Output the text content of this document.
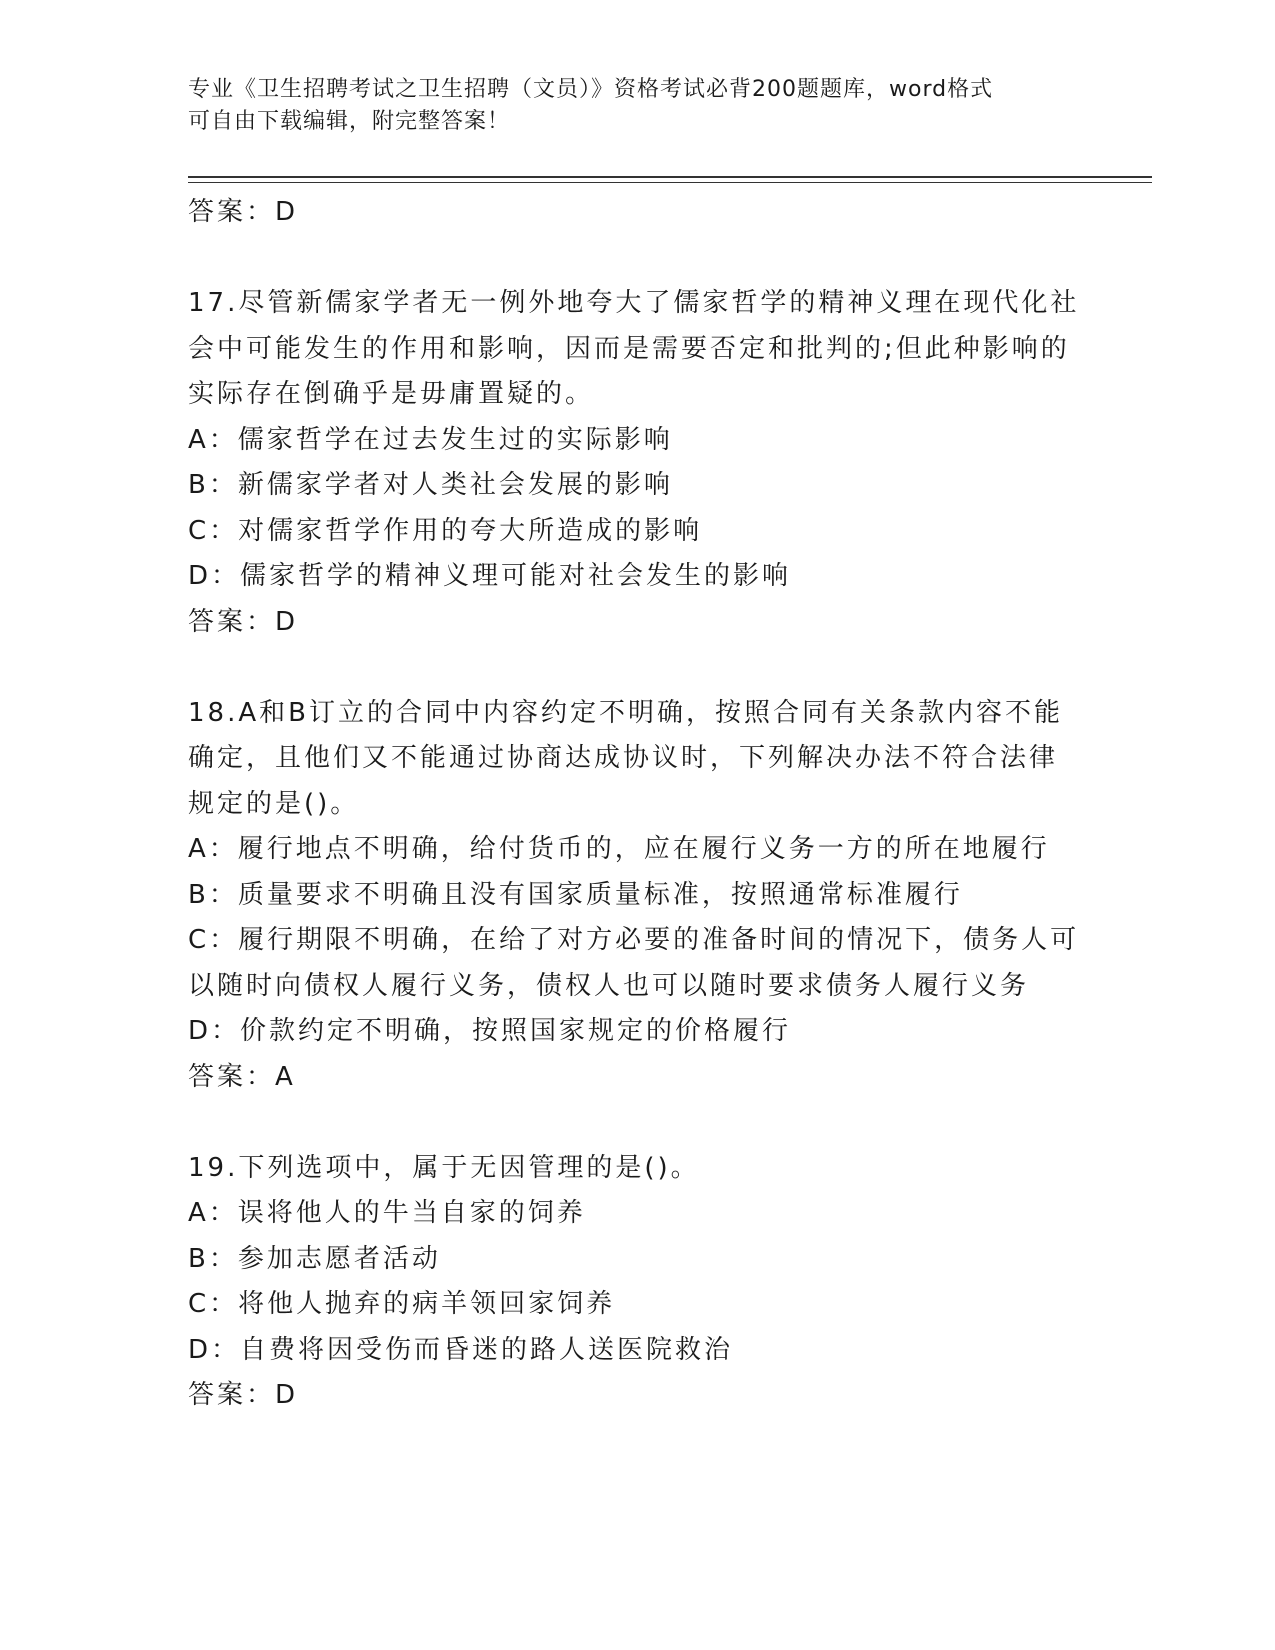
专业《卫生招聘考试之卫生招聘（文员）》资格考试必背200题题库，word格式
可自由下载编辑，附完整答案！
答案：D
17.尽管新儒家学者无一例外地夸大了儒家哲学的精神义理在现代化社
会中可能发生的作用和影响，因而是需要否定和批判的;但此种影响的
实际存在倒确乎是毋庸置疑的。
A：儒家哲学在过去发生过的实际影响
B：新儒家学者对人类社会发展的影响
C：对儒家哲学作用的夸大所造成的影响
D：儒家哲学的精神义理可能对社会发生的影响
答案：D
18.A和B订立的合同中内容约定不明确，按照合同有关条款内容不能
确定，且他们又不能通过协商达成协议时，下列解决办法不符合法律
规定的是()。
A：履行地点不明确，给付货币的，应在履行义务一方的所在地履行
B：质量要求不明确且没有国家质量标准，按照通常标准履行
C：履行期限不明确，在给了对方必要的准备时间的情况下，债务人可
以随时向债权人履行义务，债权人也可以随时要求债务人履行义务
D：价款约定不明确，按照国家规定的价格履行
答案：A
19.下列选项中，属于无因管理的是()。
A：误将他人的牛当自家的饲养
B：参加志愿者活动
C：将他人抛弃的病羊领回家饲养
D：自费将因受伤而昏迷的路人送医院救治
答案：D
